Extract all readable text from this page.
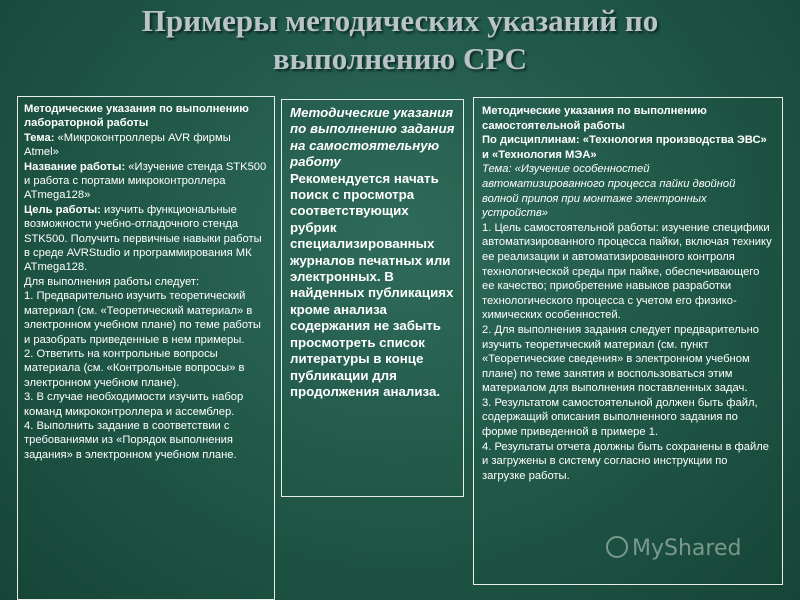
Примеры методических указаний по
выполнению СРС

Методические указания по выполнению лабораторной работы

Тема: «Микроконтроллеры AVR фирмы Atmel»

Название работы: «Изучение стенда STK500 и работа с портами микроконтроллера ATmega128»

Цель работы: изучить функциональные возможности учебно-отладочного стенда STK500. Получить первичные навыки работы в среде AVRStudio и программирования МК ATmega128.

Для выполнения работы следует:

1. Предварительно изучить теоретический материал (см. «Теоретический материал» в электронном учебном плане) по теме работы и разобрать приведенные в нем примеры.

2. Ответить на контрольные вопросы материала (см. «Контрольные вопросы» в электронном учебном плане).

3. В случае необходимости изучить набор команд микроконтроллера и ассемблер.

4. Выполнить задание в соответствии с требованиями из «Порядок выполнения задания» в электронном учебном плане.

Методические указания по выполнению задания на самостоятельную работу

Рекомендуется начать поиск с просмотра соответствующих рубрик специализированных журналов печатных или электронных. В найденных публикациях кроме анализа содержания не забыть просмотреть список литературы в конце публикации для продолжения анализа.

Методические указания по выполнению самостоятельной работы

По дисциплинам: «Технология производства ЭВС» и «Технология МЭА»

Тема: «Изучение особенностей автоматизированного процесса пайки двойной волной припоя при монтаже электронных устройств»

1. Цель самостоятельной работы: изучение специфики автоматизированного процесса пайки, включая технику ее реализации и автоматизированного контроля технологической среды при пайке, обеспечивающего ее качество; приобретение навыков разработки технологического процесса с учетом его физико-химических особенностей.

2. Для выполнения задания следует предварительно изучить теоретический материал (см. пункт «Теоретические сведения» в электронном учебном плане) по теме занятия и воспользоваться этим материалом для выполнения поставленных задач.

3. Результатом самостоятельной должен быть файл, содержащий описания выполненного задания по форме приведенной в примере 1.

4. Результаты отчета должны быть сохранены в файле и загружены в систему согласно инструкции по загрузке работы.

MyShared
